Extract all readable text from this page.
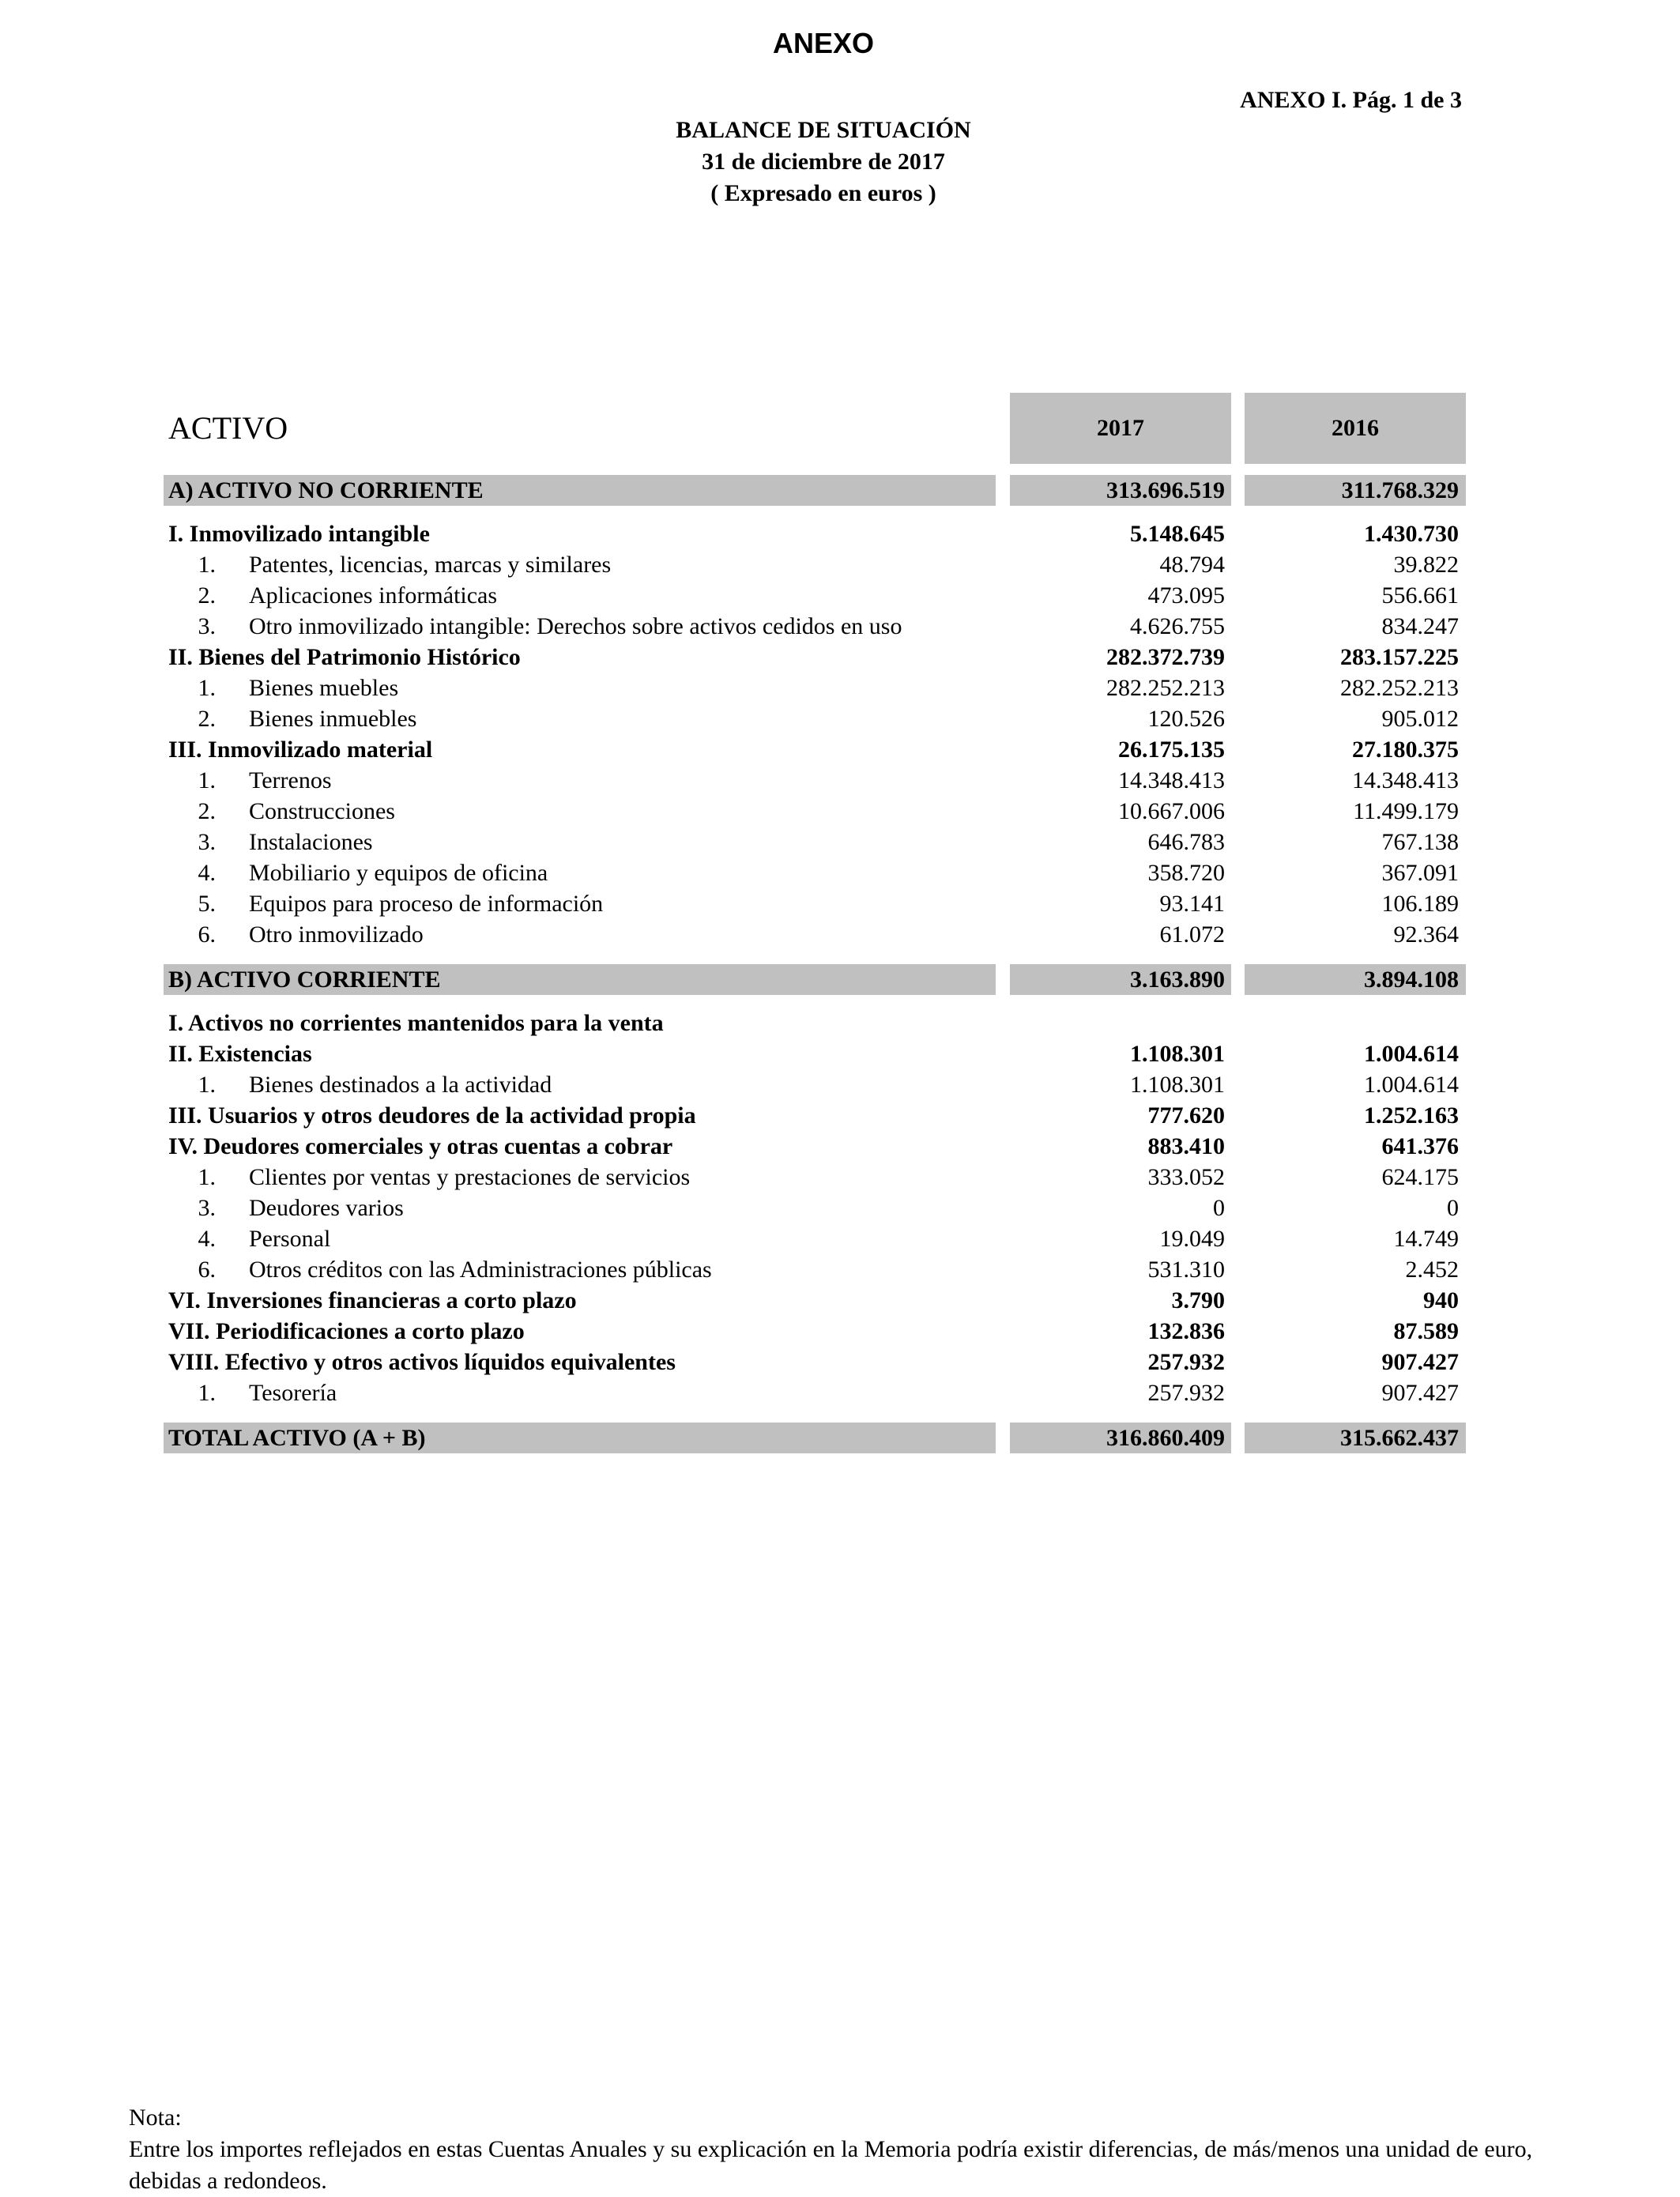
ANEXO
ANEXO I. Pág. 1 de 3
BALANCE DE SITUACIÓN
31 de diciembre de 2017
( Expresado en euros )
ACTIVO	2017	2016
A) ACTIVO NO CORRIENTE	313.696.519	311.768.329
I. Inmovilizado intangible	5.148.645	1.430.730
1. Patentes, licencias, marcas y similares	48.794	39.822
2. Aplicaciones informáticas	473.095	556.661
3. Otro inmovilizado intangible: Derechos sobre activos cedidos en uso	4.626.755	834.247
II. Bienes del Patrimonio Histórico	282.372.739	283.157.225
1. Bienes muebles	282.252.213	282.252.213
2. Bienes inmuebles	120.526	905.012
III. Inmovilizado material	26.175.135	27.180.375
1. Terrenos	14.348.413	14.348.413
2. Construcciones	10.667.006	11.499.179
3. Instalaciones	646.783	767.138
4. Mobiliario y equipos de oficina	358.720	367.091
5. Equipos para proceso de información	93.141	106.189
6. Otro inmovilizado	61.072	92.364
B) ACTIVO CORRIENTE	3.163.890	3.894.108
I. Activos no corrientes mantenidos para la venta
II. Existencias	1.108.301	1.004.614
1. Bienes destinados a la actividad	1.108.301	1.004.614
III. Usuarios y otros deudores de la actividad propia	777.620	1.252.163
IV. Deudores comerciales y otras cuentas a cobrar	883.410	641.376
1. Clientes por ventas y prestaciones de servicios	333.052	624.175
3. Deudores varios	0	0
4. Personal	19.049	14.749
6. Otros créditos con las Administraciones públicas	531.310	2.452
VI. Inversiones financieras a corto plazo	3.790	940
VII. Periodificaciones a corto plazo	132.836	87.589
VIII. Efectivo y otros activos líquidos equivalentes	257.932	907.427
1. Tesorería	257.932	907.427
TOTAL ACTIVO (A + B)	316.860.409	315.662.437
Nota:
Entre los importes reflejados en estas Cuentas Anuales y su explicación en la Memoria podría existir diferencias, de más/menos una unidad de euro, debidas a redondeos.
